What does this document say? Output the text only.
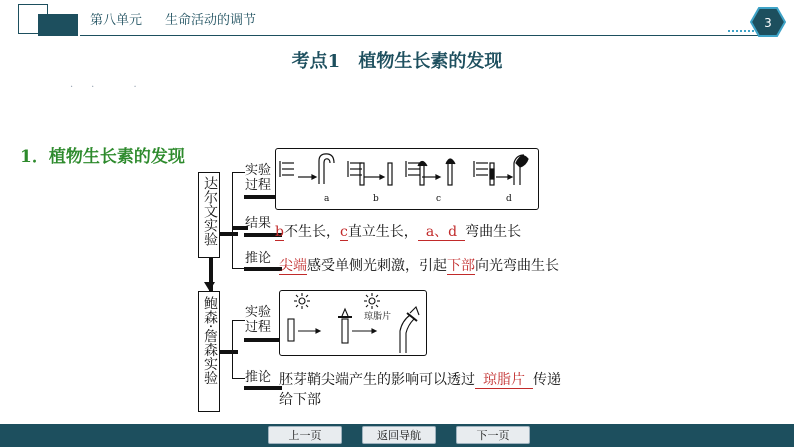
第八单元 生命活动的调节	3
考点1 植物生长素的发现
·· ·
1．植物生长素的发现
达尔文实验
实验过程
a	b	c	d
结果
b不生长，c直立生长， a、d 弯曲生长
推论 尖端感受单侧光刺激，引起下部向光弯曲生长
鲍森·詹森实验 实验过程
琼脂片
推论 胚芽鞘尖端产生的影响可以透过 琼脂片 传递
给下部
上一页	返回导航	下一页
